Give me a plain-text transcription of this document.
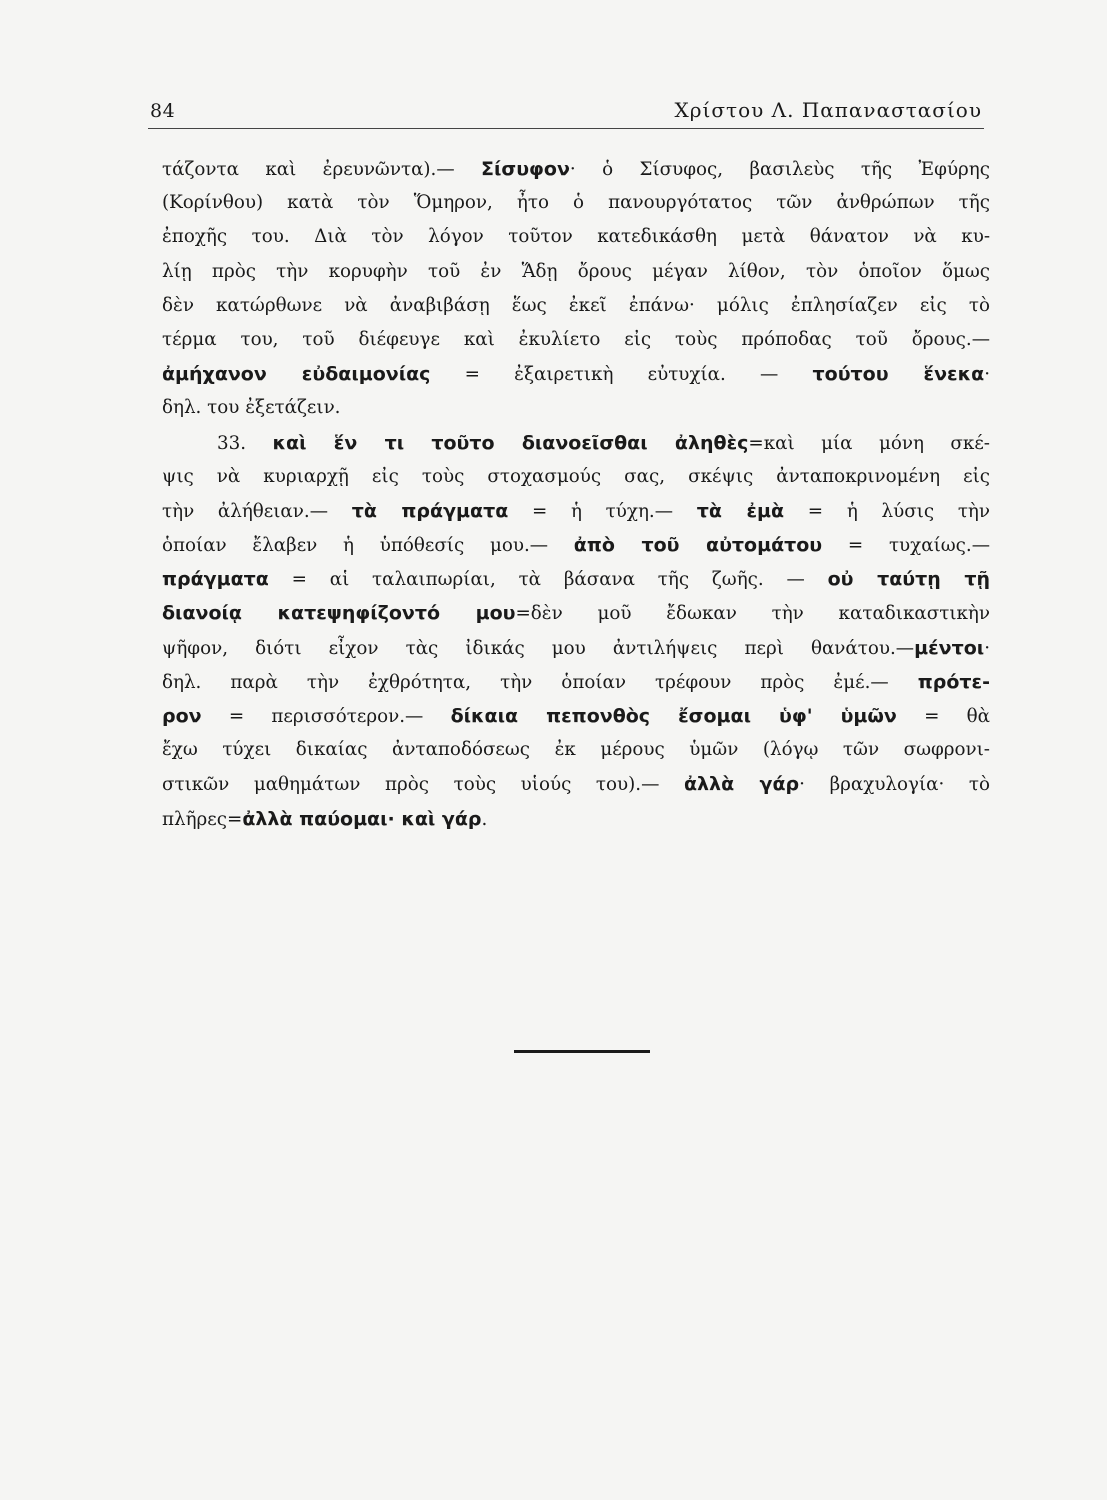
84	Χρίστου Λ. Παπαναστασίου
τάζοντα καὶ ἐρευνῶντα).— Σίσυφον· ὁ Σίσυφος, βασιλεὺς τῆς Ἐφύρης
(Κορίνθου) κατὰ τὸν Ὅμηρον, ἦτο ὁ πανουργότατος τῶν ἀνθρώπων τῆς
ἐποχῆς του. Διὰ τὸν λόγον τοῦτον κατεδικάσθη μετὰ θάνατον νὰ κυ-
λίῃ πρὸς τὴν κορυφὴν τοῦ ἐν Ἅδῃ ὄρους μέγαν λίθον, τὸν ὁποῖον ὅμως
δὲν κατώρθωνε νὰ ἀναβιβάσῃ ἕως ἐκεῖ ἐπάνω· μόλις ἐπλησίαζεν εἰς τὸ
τέρμα του, τοῦ διέφευγε καὶ ἐκυλίετο εἰς τοὺς πρόποδας τοῦ ὄρους.—
ἀμήχανον εὐδαιμονίας = ἐξαιρετικὴ εὐτυχία. — τούτου ἕνεκα·
δηλ. του ἐξετάζειν.
33. καὶ ἕν τι τοῦτο διανοεῖσθαι ἀληθὲς=καὶ μία μόνη σκέ-
ψις νὰ κυριαρχῇ εἰς τοὺς στοχασμούς σας, σκέψις ἀνταποκρινομένη εἰς
τὴν ἀλήθειαν.— τὰ πράγματα = ἡ τύχη.— τὰ ἐμὰ = ἡ λύσις τὴν
ὁποίαν ἔλαβεν ἡ ὑπόθεσίς μου.— ἀπὸ τοῦ αὐτομάτου = τυχαίως.—
πράγματα = αἱ ταλαιπωρίαι, τὰ βάσανα τῆς ζωῆς. — οὐ ταύτῃ τῇ
διανοίᾳ κατεψηφίζοντό μου=δὲν μοῦ ἔδωκαν τὴν καταδικαστικὴν
ψῆφον, διότι εἶχον τὰς ἰδικάς μου ἀντιλήψεις περὶ θανάτου.—μέντοι·
δηλ. παρὰ τὴν ἐχθρότητα, τὴν ὁποίαν τρέφουν πρὸς ἐμέ.— πρότε-
ρον = περισσότερον.— δίκαια πεπονθὸς ἔσομαι ὑφ' ὑμῶν = θὰ
ἔχω τύχει δικαίας ἀνταποδόσεως ἐκ μέρους ὑμῶν (λόγῳ τῶν σωφρονι-
στικῶν μαθημάτων πρὸς τοὺς υἱούς του).— ἀλλὰ γάρ· βραχυλογία· τὸ
πλῆρες=ἀλλὰ παύομαι· καὶ γάρ.
